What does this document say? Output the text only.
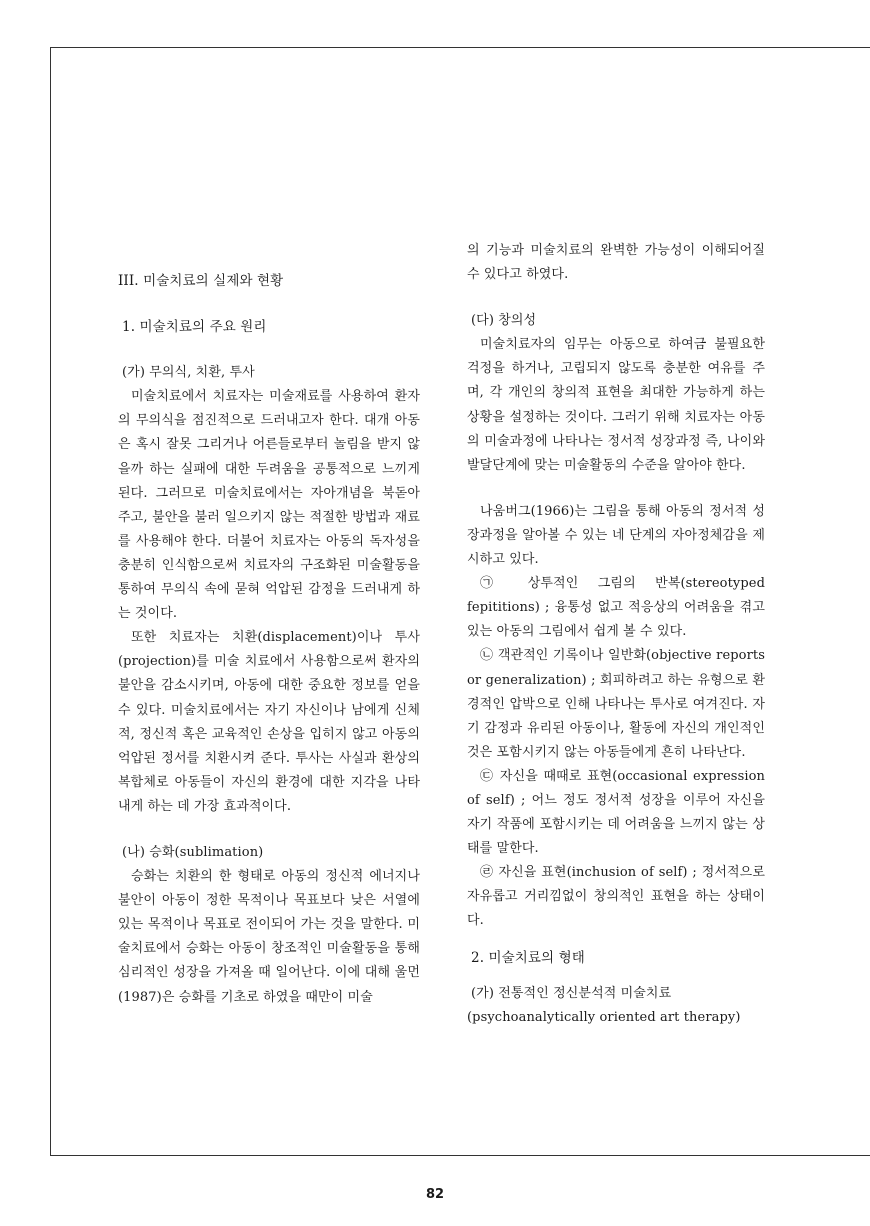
III. 미술치료의 실제와 현황
1. 미술치료의 주요 원리
(가) 무의식, 치환, 투사

미술치료에서 치료자는 미술재료를 사용하여 환자의 무의식을 점진적으로 드러내고자 한다. 대개 아동은 혹시 잘못 그리거나 어른들로부터 놀림을 받지 않을까 하는 실패에 대한 두려움을 공통적으로 느끼게 된다. 그러므로 미술치료에서는 자아개념을 북돋아 주고, 불안을 불러 일으키지 않는 적절한 방법과 재료를 사용해야 한다. 더불어 치료자는 아동의 독자성을 충분히 인식함으로써 치료자의 구조화된 미술활동을 통하여 무의식 속에 묻혀 억압된 감정을 드러내게 하는 것이다.

또한 치료자는 치환(displacement)이나 투사(projection)를 미술 치료에서 사용함으로써 환자의 불안을 감소시키며, 아동에 대한 중요한 정보를 얻을 수 있다. 미술치료에서는 자기 자신이나 남에게 신체적, 정신적 혹은 교육적인 손상을 입히지 않고 아동의 억압된 정서를 치환시켜 준다. 투사는 사실과 환상의 복합체로 아동들이 자신의 환경에 대한 지각을 나타내게 하는 데 가장 효과적이다.

(나) 승화(sublimation)

승화는 치환의 한 형태로 아동의 정신적 에너지나 불안이 아동이 정한 목적이나 목표보다 낮은 서열에 있는 목적이나 목표로 전이되어 가는 것을 말한다. 미술치료에서 승화는 아동이 창조적인 미술활동을 통해 심리적인 성장을 가져올 때 일어난다. 이에 대해 울먼(1987)은 승화를 기초로 하였을 때만이 미술

의 기능과 미술치료의 완벽한 가능성이 이해되어질 수 있다고 하였다.

(다) 창의성

미술치료자의 임무는 아동으로 하여금 불필요한 걱정을 하거나, 고립되지 않도록 충분한 여유를 주며, 각 개인의 창의적 표현을 최대한 가능하게 하는 상황을 설정하는 것이다. 그러기 위해 치료자는 아동의 미술과정에 나타나는 정서적 성장과정 즉, 나이와 발달단계에 맞는 미술활동의 수준을 알아야 한다.

나움버그(1966)는 그림을 통해 아동의 정서적 성장과정을 알아볼 수 있는 네 단계의 자아정체감을 제시하고 있다.

㉠ 상투적인 그림의 반복(stereotyped fepititions) ; 융통성 없고 적응상의 어려움을 겪고 있는 아동의 그림에서 쉽게 볼 수 있다.

㉡ 객관적인 기록이나 일반화(objective reports or generalization) ; 회피하려고 하는 유형으로 환경적인 압박으로 인해 나타나는 투사로 여겨진다. 자기 감정과 유리된 아동이나, 활동에 자신의 개인적인 것은 포함시키지 않는 아동들에게 흔히 나타난다.

㉢ 자신을 때때로 표현(occasional expression of self) ; 어느 정도 정서적 성장을 이루어 자신을 자기 작품에 포함시키는 데 어려움을 느끼지 않는 상태를 말한다.

㉣ 자신을 표현(inchusion of self) ; 정서적으로 자유롭고 거리낌없이 창의적인 표현을 하는 상태이다.

2. 미술치료의 형태
(가) 전통적인 정신분석적 미술치료

(psychoanalytically oriented art therapy)

82
